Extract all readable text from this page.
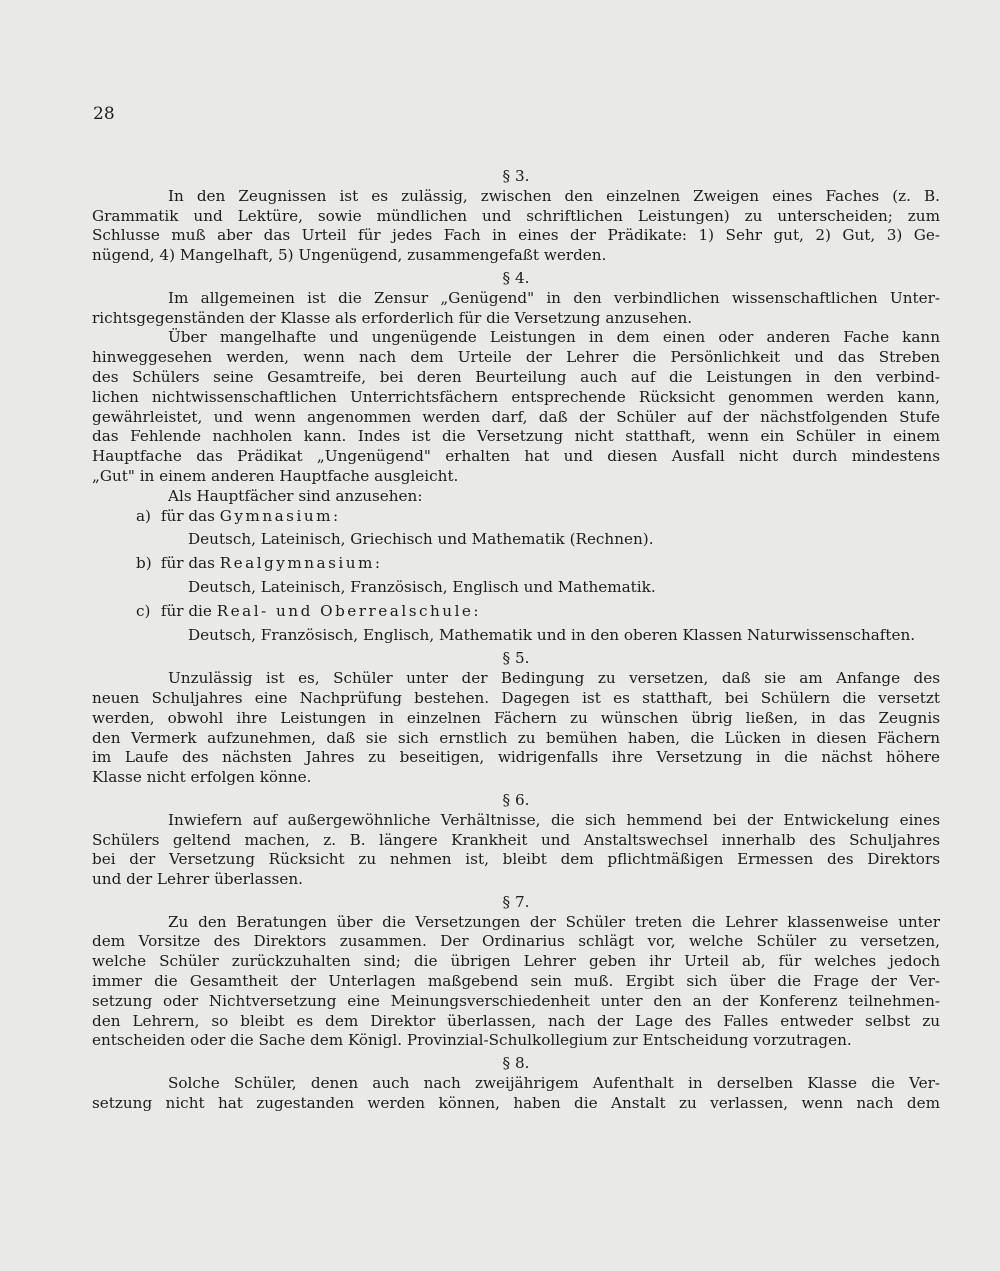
28
§ 3.

In den Zeugnissen ist es zulässig, zwischen den einzelnen Zweigen eines Faches (z. B.
Grammatik und Lektüre, sowie mündlichen und schriftlichen Leistungen) zu unterscheiden; zum
Schlusse muß aber das Urteil für jedes Fach in eines der Prädikate: 1) Sehr gut, 2) Gut, 3) Ge-
nügend, 4) Mangelhaft, 5) Ungenügend, zusammengefaßt werden.

§ 4.

Im allgemeinen ist die Zensur „Genügend" in den verbindlichen wissenschaftlichen Unter-
richtsgegenständen der Klasse als erforderlich für die Versetzung anzusehen.

Über mangelhafte und ungenügende Leistungen in dem einen oder anderen Fache kann
hinweggesehen werden, wenn nach dem Urteile der Lehrer die Persönlichkeit und das Streben
des Schülers seine Gesamtreife, bei deren Beurteilung auch auf die Leistungen in den verbind-
lichen nichtwissenschaftlichen Unterrichtsfächern entsprechende Rücksicht genommen werden kann,
gewährleistet, und wenn angenommen werden darf, daß der Schüler auf der nächstfolgenden Stufe
das Fehlende nachholen kann. Indes ist die Versetzung nicht statthaft, wenn ein Schüler in einem
Hauptfache das Prädikat „Ungenügend" erhalten hat und diesen Ausfall nicht durch mindestens
„Gut" in einem anderen Hauptfache ausgleicht.

Als Hauptfächer sind anzusehen:
a) für das Gymnasium:
Deutsch, Lateinisch, Griechisch und Mathematik (Rechnen).
b) für das Realgymnasium:
Deutsch, Lateinisch, Französisch, Englisch und Mathematik.
c) für die Real- und Oberrealschule:
Deutsch, Französisch, Englisch, Mathematik und in den oberen Klassen Naturwissenschaften.
§ 5.

Unzulässig ist es, Schüler unter der Bedingung zu versetzen, daß sie am Anfange des
neuen Schuljahres eine Nachprüfung bestehen. Dagegen ist es statthaft, bei Schülern die versetzt
werden, obwohl ihre Leistungen in einzelnen Fächern zu wünschen übrig ließen, in das Zeugnis
den Vermerk aufzunehmen, daß sie sich ernstlich zu bemühen haben, die Lücken in diesen Fächern
im Laufe des nächsten Jahres zu beseitigen, widrigenfalls ihre Versetzung in die nächst höhere
Klasse nicht erfolgen könne.

§ 6.

Inwiefern auf außergewöhnliche Verhältnisse, die sich hemmend bei der Entwickelung eines
Schülers geltend machen, z. B. längere Krankheit und Anstaltswechsel innerhalb des Schuljahres
bei der Versetzung Rücksicht zu nehmen ist, bleibt dem pflichtmäßigen Ermessen des Direktors
und der Lehrer überlassen.

§ 7.

Zu den Beratungen über die Versetzungen der Schüler treten die Lehrer klassenweise unter
dem Vorsitze des Direktors zusammen. Der Ordinarius schlägt vor, welche Schüler zu versetzen,
welche Schüler zurückzuhalten sind; die übrigen Lehrer geben ihr Urteil ab, für welches jedoch
immer die Gesamtheit der Unterlagen maßgebend sein muß. Ergibt sich über die Frage der Ver-
setzung oder Nichtversetzung eine Meinungsverschiedenheit unter den an der Konferenz teilnehmen-
den Lehrern, so bleibt es dem Direktor überlassen, nach der Lage des Falles entweder selbst zu
entscheiden oder die Sache dem Königl. Provinzial-Schulkollegium zur Entscheidung vorzutragen.

§ 8.

Solche Schüler, denen auch nach zweijährigem Aufenthalt in derselben Klasse die Ver-
setzung nicht hat zugestanden werden können, haben die Anstalt zu verlassen, wenn nach dem
